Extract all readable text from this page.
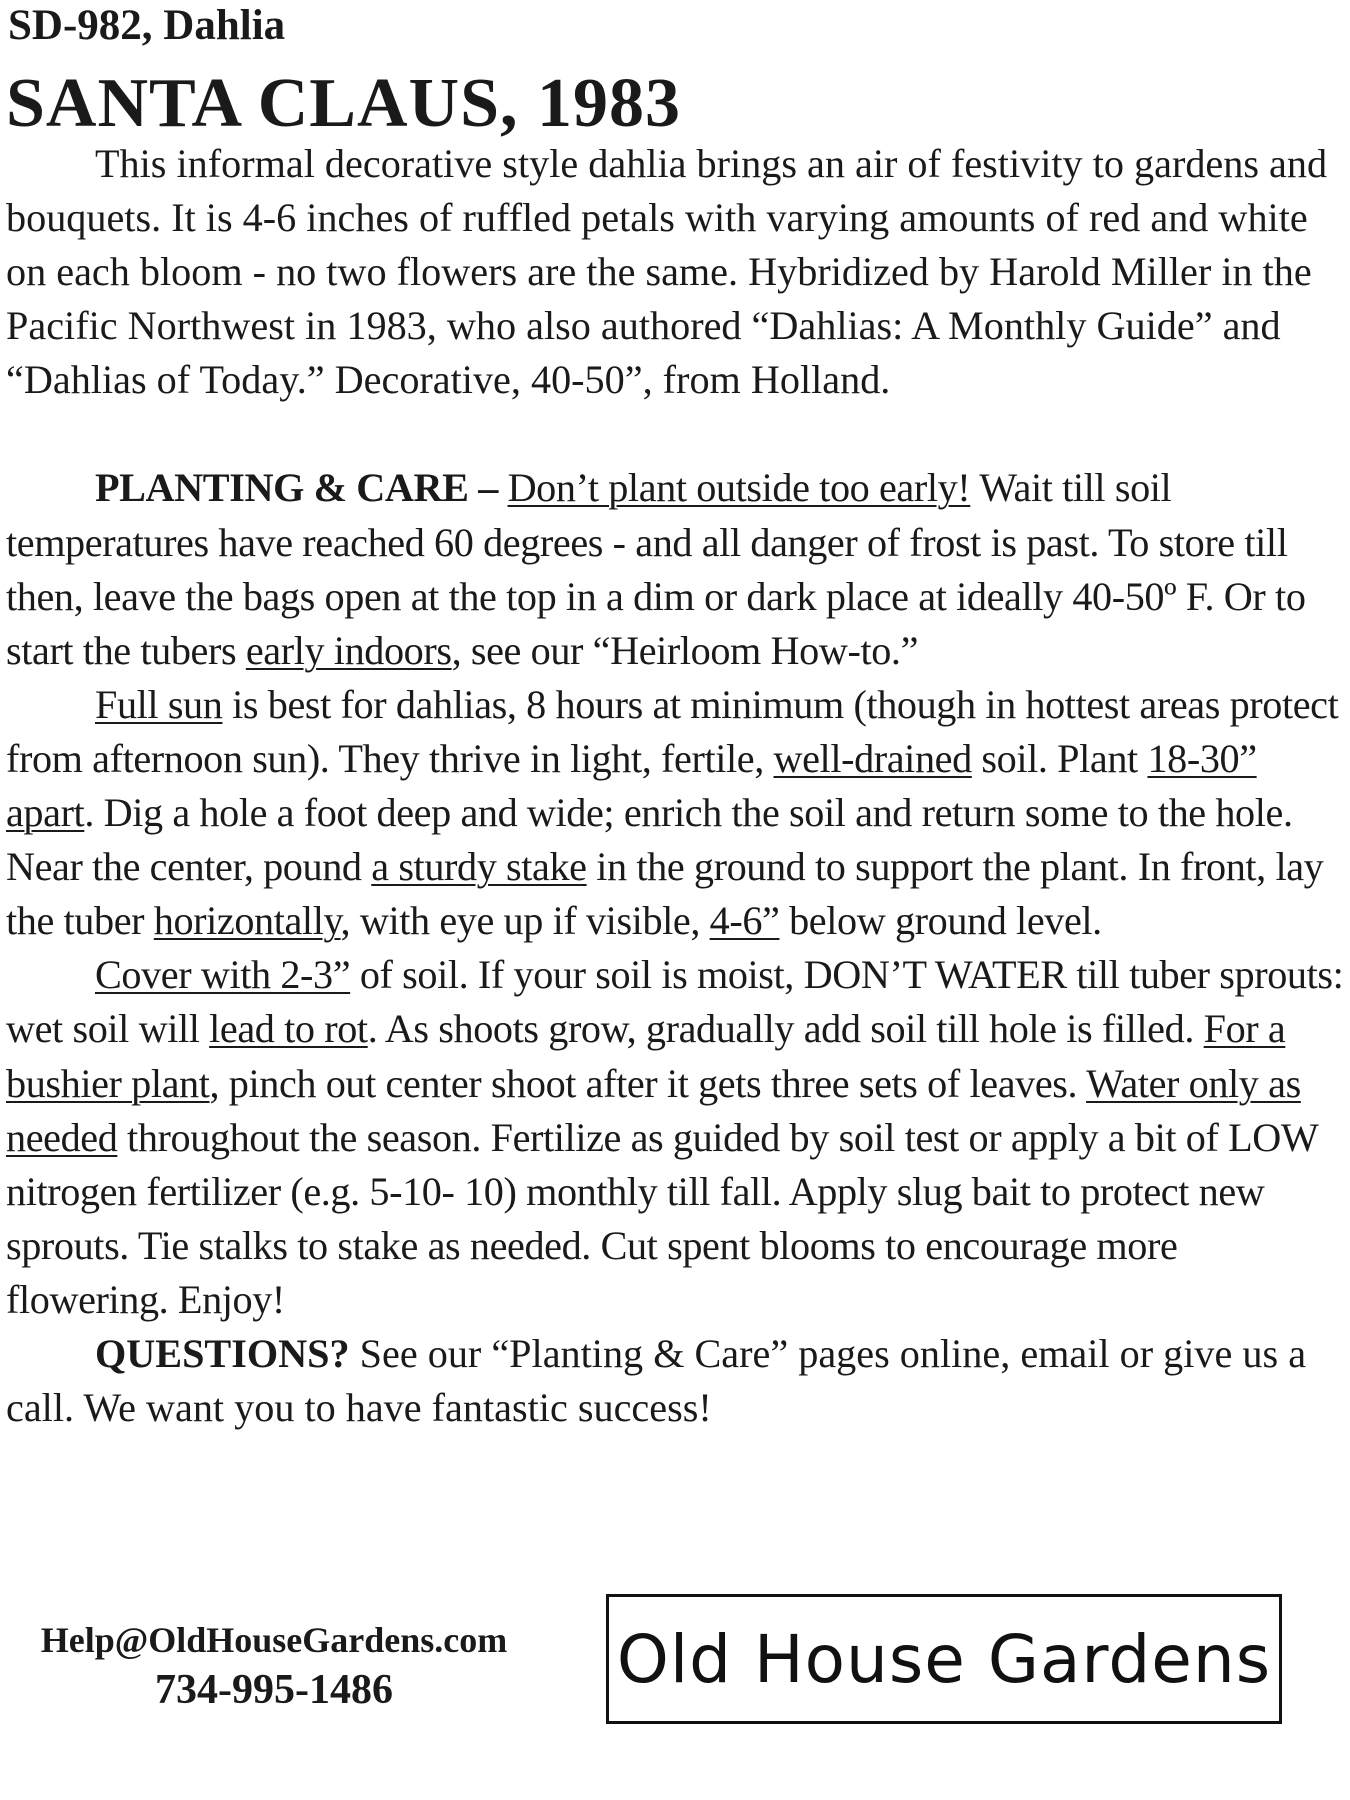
SD-982, Dahlia
SANTA CLAUS, 1983

This informal decorative style dahlia brings an air of festivity to gardens and bouquets. It is 4-6 inches of ruffled petals with varying amounts of red and white on each bloom - no two flowers are the same. Hybridized by Harold Miller in the Pacific Northwest in 1983, who also authored “Dahlias: A Monthly Guide” and “Dahlias of Today.” Decorative, 40-50”, from Holland.

PLANTING & CARE – Don’t plant outside too early! Wait till soil temperatures have reached 60 degrees - and all danger of frost is past. To store till then, leave the bags open at the top in a dim or dark place at ideally 40-50º F. Or to start the tubers early indoors, see our “Heirloom How-to.”

Full sun is best for dahlias, 8 hours at minimum (though in hottest areas protect from afternoon sun). They thrive in light, fertile, well-drained soil. Plant 18-30” apart. Dig a hole a foot deep and wide; enrich the soil and return some to the hole. Near the center, pound a sturdy stake in the ground to support the plant. In front, lay the tuber horizontally, with eye up if visible, 4-6” below ground level.

Cover with 2-3” of soil. If your soil is moist, DON’T WATER till tuber sprouts: wet soil will lead to rot. As shoots grow, gradually add soil till hole is filled. For a bushier plant, pinch out center shoot after it gets three sets of leaves. Water only as needed throughout the season. Fertilize as guided by soil test or apply a bit of LOW nitrogen fertilizer (e.g. 5-10- 10) monthly till fall. Apply slug bait to protect new sprouts. Tie stalks to stake as needed. Cut spent blooms to encourage more flowering. Enjoy!

QUESTIONS? See our “Planting & Care” pages online, email or give us a call. We want you to have fantastic success!

Help@OldHouseGardens.com
734-995-1486	Old House Gardens
